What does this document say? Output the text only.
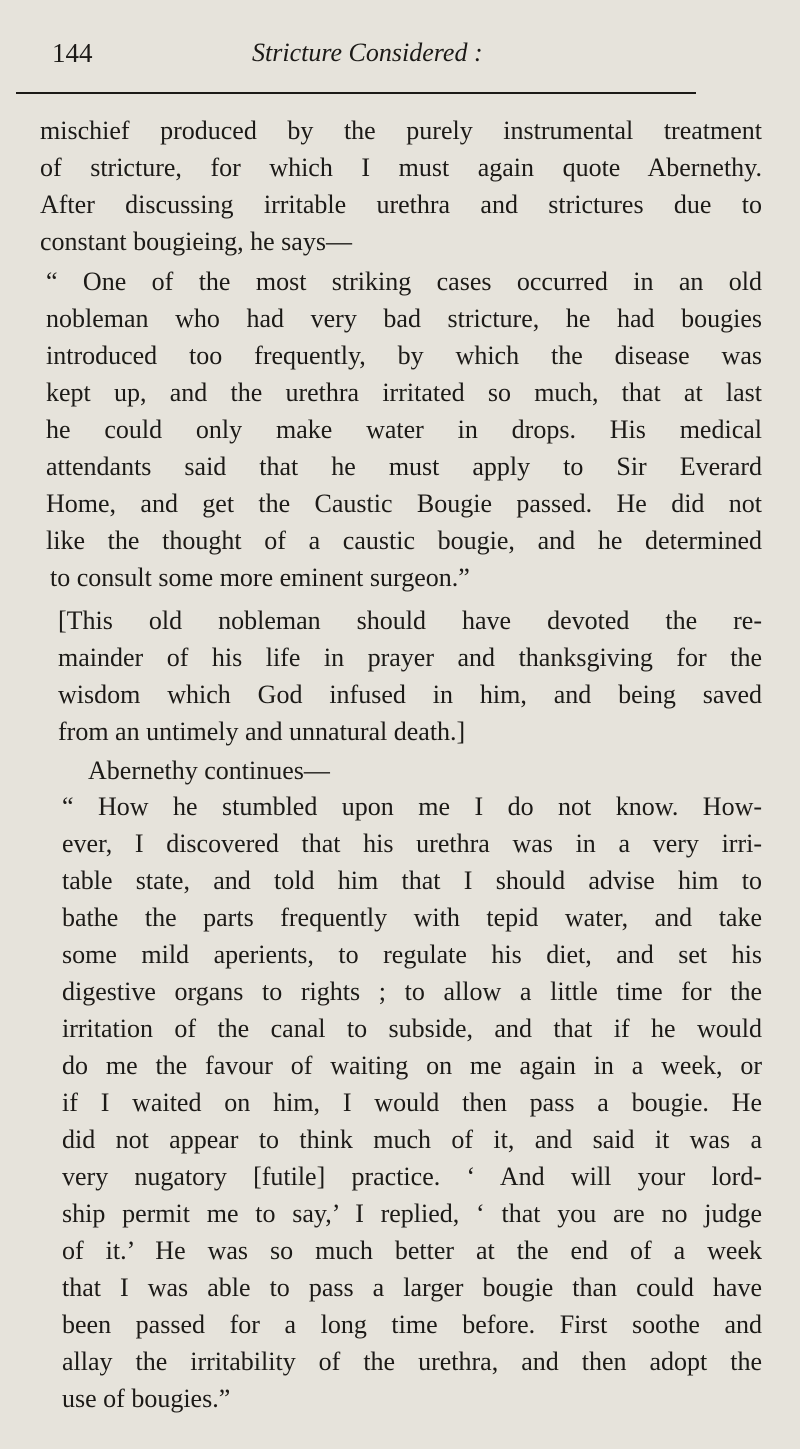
144	Stricture Considered :
mischief produced by the purely instrumental treatment
of stricture, for which I must again quote Abernethy.
After discussing irritable urethra and strictures due to
constant bougieing, he says—
“ One of the most striking cases occurred in an old
nobleman who had very bad stricture, he had bougies
introduced too frequently, by which the disease was
kept up, and the urethra irritated so much, that at last
he could only make water in drops. His medical
attendants said that he must apply to Sir Everard
Home, and get the Caustic Bougie passed. He did not
like the thought of a caustic bougie, and he determined
to consult some more eminent surgeon.”
[This old nobleman should have devoted the re-
mainder of his life in prayer and thanksgiving for the
wisdom which God infused in him, and being saved
from an untimely and unnatural death.]
Abernethy continues—
“ How he stumbled upon me I do not know. How-
ever, I discovered that his urethra was in a very irri-
table state, and told him that I should advise him to
bathe the parts frequently with tepid water, and take
some mild aperients, to regulate his diet, and set his
digestive organs to rights ; to allow a little time for the
irritation of the canal to subside, and that if he would
do me the favour of waiting on me again in a week, or
if I waited on him, I would then pass a bougie. He
did not appear to think much of it, and said it was a
very nugatory [futile] practice. ‘ And will your lord-
ship permit me to say,’ I replied, ‘ that you are no judge
of it.’ He was so much better at the end of a week
that I was able to pass a larger bougie than could have
been passed for a long time before. First soothe and
allay the irritability of the urethra, and then adopt the
use of bougies.”
